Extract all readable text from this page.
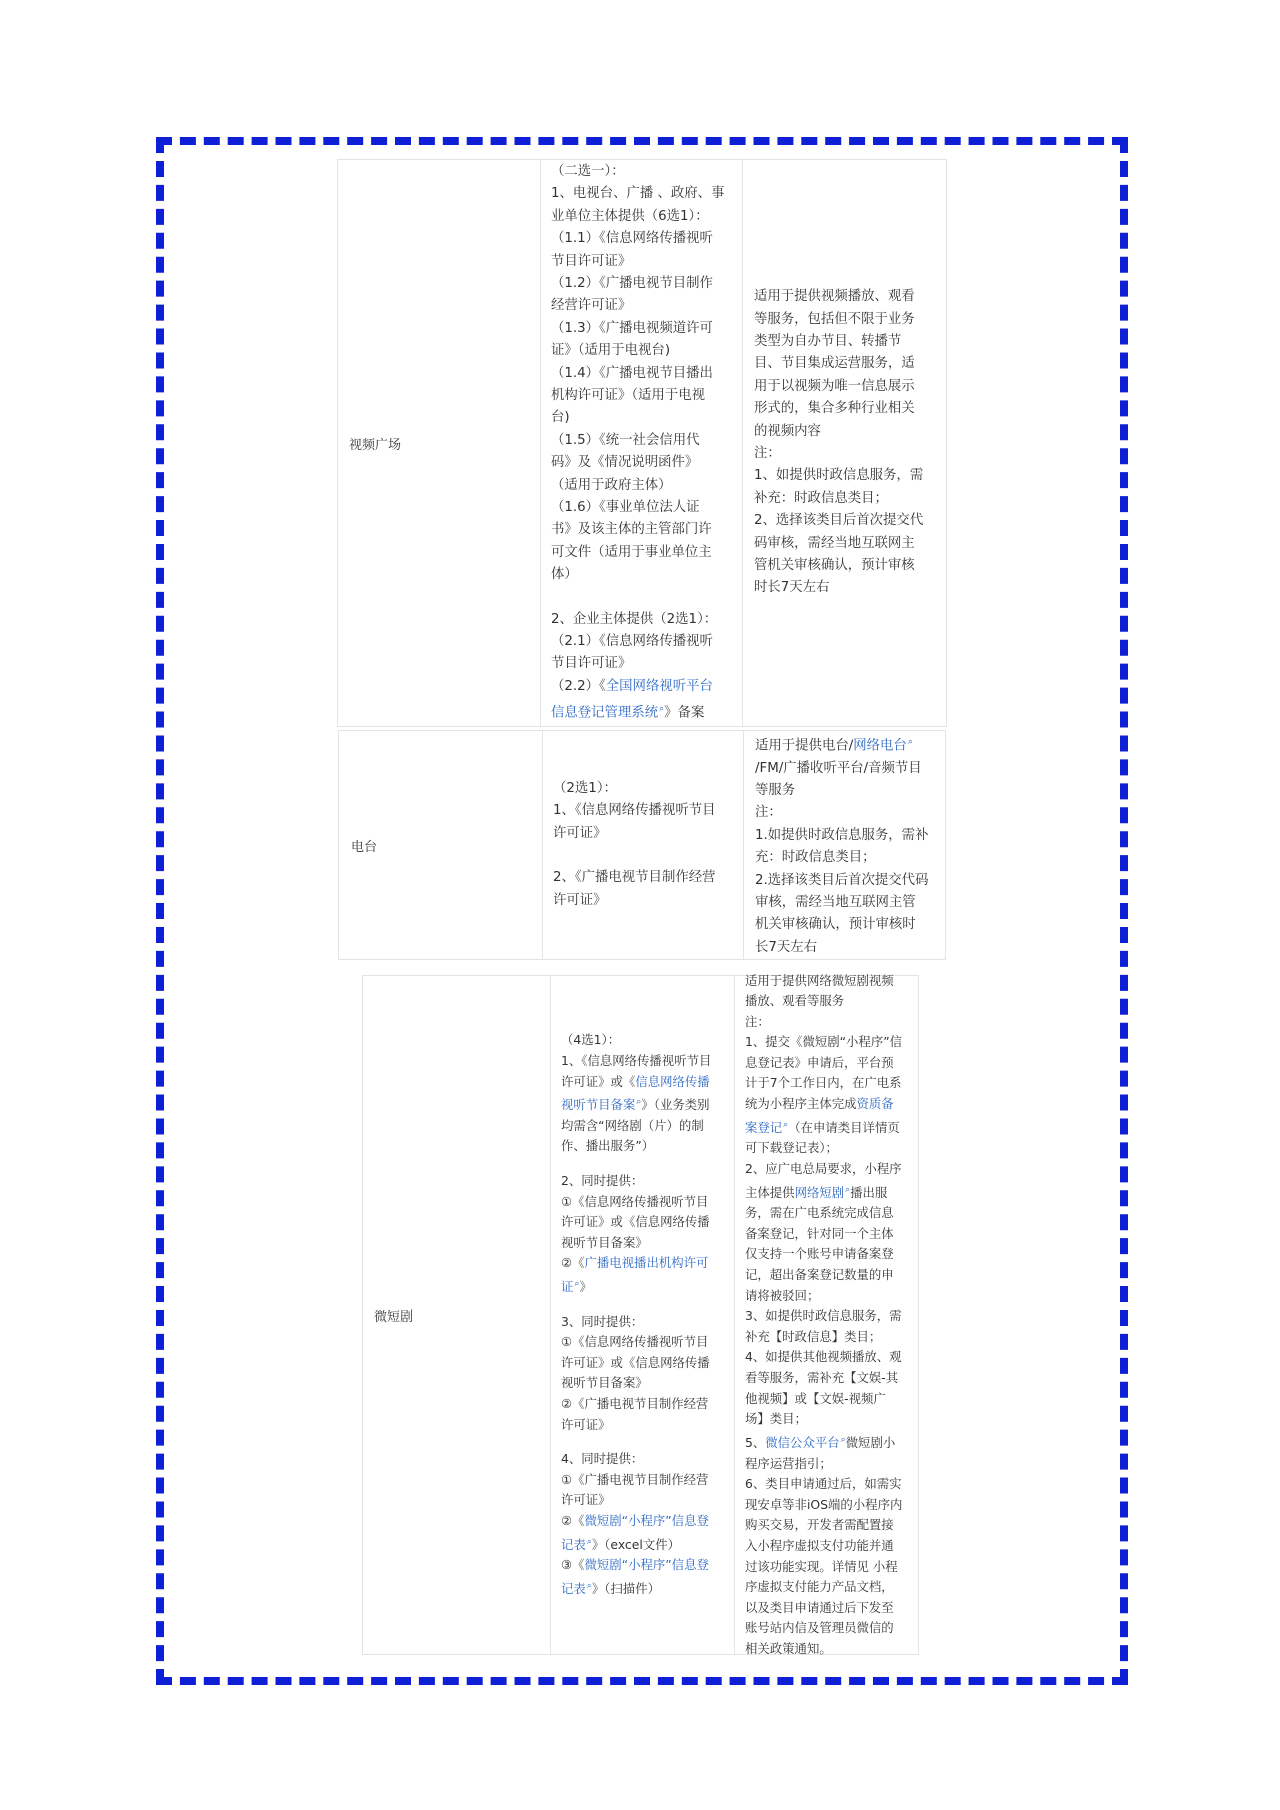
视频广场
（二选一）：
1、电视台、广播 、政府、事
业单位主体提供（6选1）：
（1.1）《信息网络传播视听
节目许可证》
（1.2）《广播电视节目制作
经营许可证》
（1.3）《广播电视频道许可
证》（适用于电视台)
（1.4）《广播电视节目播出
机构许可证》（适用于电视
台)
（1.5）《统一社会信用代
码》及《情况说明函件》
（适用于政府主体）
（1.6）《事业单位法人证
书》及该主体的主管部门许
可文件（适用于事业单位主
体）
2、企业主体提供（2选1）：
（2.1）《信息网络传播视听
节目许可证》
（2.2）《全国网络视听平台
信息登记管理系统⌕》备案
适用于提供视频播放、观看
等服务，包括但不限于业务
类型为自办节目、转播节
目、节目集成运营服务，适
用于以视频为唯一信息展示
形式的，集合多种行业相关
的视频内容
注：
1、如提供时政信息服务，需
补充：时政信息类目；
2、选择该类目后首次提交代
码审核，需经当地互联网主
管机关审核确认，预计审核
时长7天左右
电台
（2选1）：
1、《信息网络传播视听节目
许可证》
2、《广播电视节目制作经营
许可证》
适用于提供电台/网络电台⌕
/FM/广播收听平台/音频节目
等服务
注：
1.如提供时政信息服务，需补
充：时政信息类目；
2.选择该类目后首次提交代码
审核，需经当地互联网主管
机关审核确认，预计审核时
长7天左右
微短剧
（4选1）：
1、《信息网络传播视听节目
许可证》或《信息网络传播
视听节目备案⌕》（业务类别
均需含“网络剧（片）的制
作、播出服务”）
2、同时提供：
①《信息网络传播视听节目
许可证》或《信息网络传播
视听节目备案》
②《广播电视播出机构许可
证⌕》
3、同时提供：
①《信息网络传播视听节目
许可证》或《信息网络传播
视听节目备案》
②《广播电视节目制作经营
许可证》
4、同时提供：
①《广播电视节目制作经营
许可证》
②《微短剧“小程序”信息登
记表⌕》（excel文件）
③《微短剧“小程序”信息登
记表⌕》（扫描件）
适用于提供网络微短剧视频
播放、观看等服务
注：
1、提交《微短剧“小程序”信
息登记表》申请后，平台预
计于7个工作日内，在广电系
统为小程序主体完成资质备
案登记⌕（在申请类目详情页
可下载登记表）；
2、应广电总局要求，小程序
主体提供网络短剧⌕播出服
务，需在广电系统完成信息
备案登记，针对同一个主体
仅支持一个账号申请备案登
记，超出备案登记数量的申
请将被驳回；
3、如提供时政信息服务，需
补充【时政信息】类目；
4、如提供其他视频播放、观
看等服务，需补充【文娱-其
他视频】或【文娱-视频广
场】类目；
5、微信公众平台⌕微短剧小
程序运营指引；
6、类目申请通过后，如需实
现安卓等非iOS端的小程序内
购买交易，开发者需配置接
入小程序虚拟支付功能并通
过该功能实现。详情见 小程
序虚拟支付能力产品文档，
以及类目申请通过后下发至
账号站内信及管理员微信的
相关政策通知。
